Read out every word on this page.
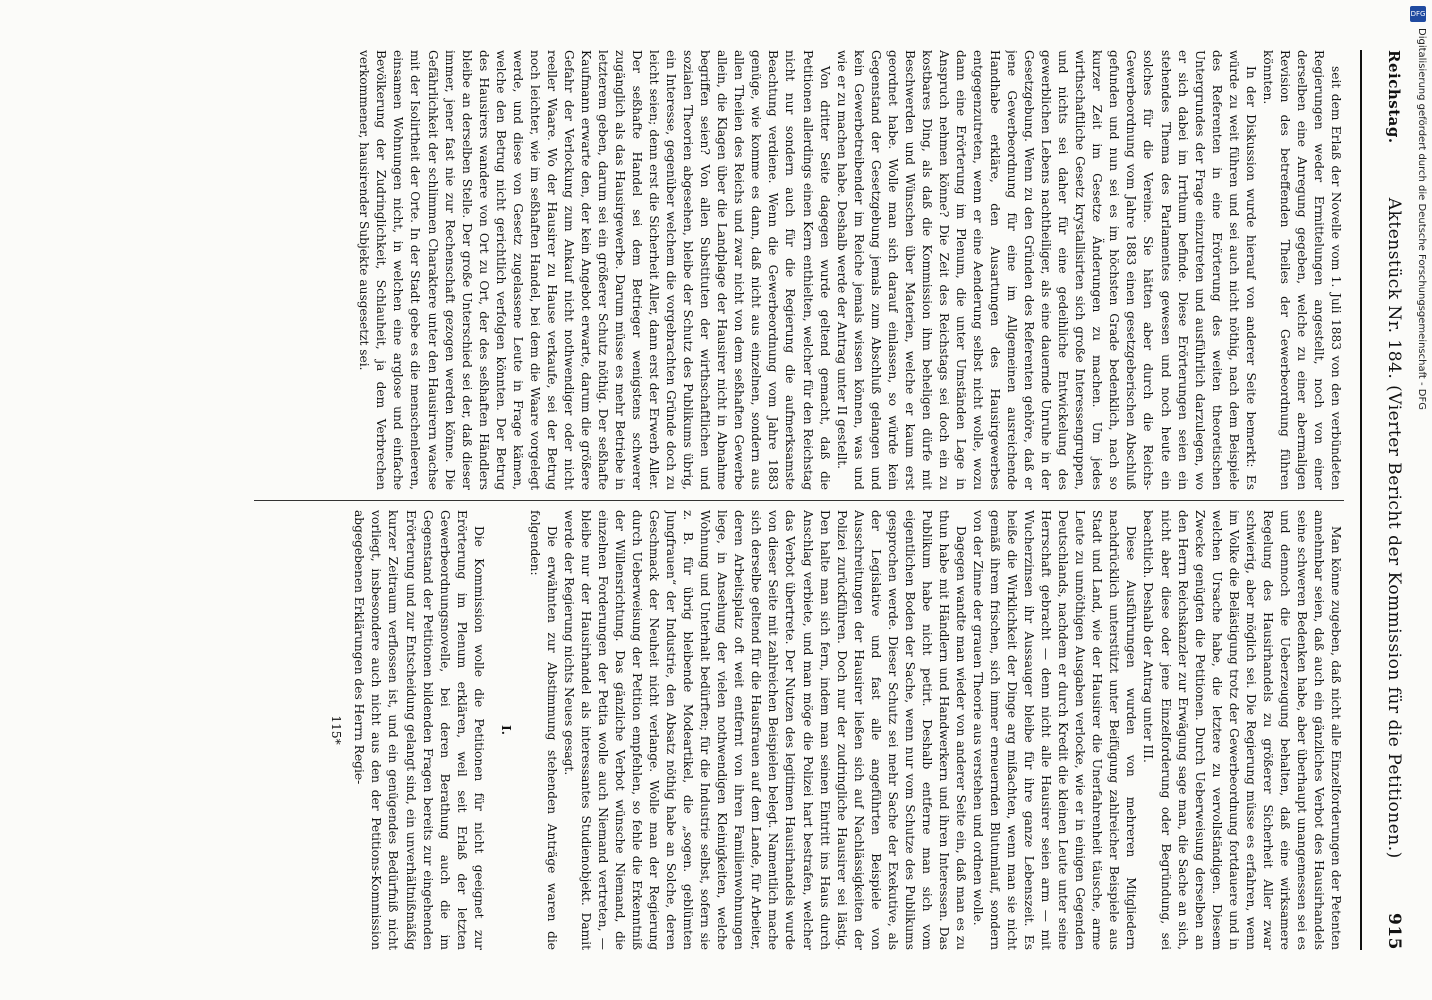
Reichstag.
Aktenstück Nr. 184. (Vierter Bericht der Kommission für die Petitionen.)
915

seit dem Erlaß der Novelle vom 1. Juli 1883 von den verbündeten Regierungen weder Ermittelungen angestellt, noch von einer derselben eine Anregung gegeben, welche zu einer abermaligen Revision des betreffenden Theiles der Gewerbeordnung führen könnten.

In der Diskussion wurde hierauf von anderer Seite bemerkt: Es würde zu weit führen und sei auch nicht nöthig, nach dem Beispiele des Referenten in eine Erörterung des weiten theoretischen Untergrundes der Frage einzutreten und ausführlich darzulegen, wo er sich dabei im Irrthum befinde. Diese Erörterungen seien ein stehendes Thema des Parlamentes gewesen und noch heute ein solches für die Vereine. Sie hätten aber durch die Reichs-Gewerbeordnung vom Jahre 1883 einen gesetzgeberischen Abschluß gefunden und nun sei es im höchsten Grade bedenklich, nach so kurzer Zeit im Gesetze Änderungen zu machen. Um jedes wirthschaftliche Gesetz krystallisirten sich große Interessengruppen, und nichts sei daher für eine gedeihliche Entwickelung des gewerblichen Lebens nachtheiliger, als eine dauernde Unruhe in der Gesetzgebung. Wenn zu den Gründen des Referenten gehöre, daß er jene Gewerbeordnung für eine im Allgemeinen ausreichende Handhabe erkläre, den Ausartungen des Hausirgewerbes entgegenzutreten, wenn er eine Aenderung selbst nicht wolle, wozu dann eine Erörterung im Plenum, die unter Umständen Lage in Anspruch nehmen könne? Die Zeit des Reichstags sei doch ein zu kostbares Ding, als daß die Kommission ihm beheligen dürfe mit Beschwerden und Wünschen über Materien, welche er kaum erst geordnet habe. Wolle man sich darauf einlassen, so würde kein Gegenstand der Gesetzgebung jemals zum Abschluß gelangen und kein Gewerbetreibender im Reiche jemals wissen können, was und wie er zu machen habe. Deshalb werde der Antrag unter II gestellt.

Von dritter Seite dagegen wurde geltend gemacht, daß die Petitionen allerdings einen Kern enthielten, welcher für den Reichstag nicht nur sondern auch für die Regierung die aufmerksamste Beachtung verdiene. Wenn die Gewerbeordnung vom Jahre 1883 genüge, wie komme es dann, daß nicht aus einzelnen, sondern aus allen Theilen des Reichs und zwar nicht von dem seßhaften Gewerbe allein, die Klagen über die Landplage der Hausirer nicht in Abnahme begriffen seien? Von allen Substituten der wirthschaftlichen und sozialen Theorien abgesehen, bleibe der Schutz des Publikums übrig, ein Interesse, gegenüber welchem die vorgebrachten Gründe doch zu leicht seien; denn erst die Sicherheit Aller, dann erst der Erwerb Aller. Der seßhafte Handel sei dem Betrieger wenigstens schwerer zugänglich als das Hausirgewerbe. Darum müsse es mehr Betriebe in letzterem geben, darum sei ein größerer Schutz nöthig. Der seßhafte Kaufmann erwarte den, der kein Angebot erwarte, darum die größere Gefahr der Verlockung zum Ankauf nicht nothwendiger oder nicht reeller Waare. Wo der Hausirer zu Hause verkaufe, sei der Betrug noch leichter, wie im seßhaften Handel, bei dem die Waare vorgelegt werde, und diese von Gesetz zugelassene Leute in Frage kämen, welche den Betrug nicht gerichtlich verfolgen könnten. Der Betrug des Hausirers wandere von Ort zu Ort, der des seßhaften Händlers bleibe an derselben Stelle. Der große Unterschied sei der, daß dieser immer, jener fast nie zur Rechenschaft gezogen werden könne. Die Gefährlichkeit der schlimmen Charaktere unter den Hausirern wachse mit der Isolirtheit der Orte. In der Stadt gebe es die menschenleeren, einsamen Wohnungen nicht, in welchen eine arglose und einfache Bevölkerung der Zudringlichkeit, Schlauheit, ja dem Verbrechen verkommener, hausirender Subjekte ausgesetzt sei.

Man könne zugeben, daß nicht alle Einzelforderungen der Petenten annehmbar seien, daß auch ein gänzliches Verbot des Hausirhandels seine schweren Bedenken habe, aber überhaupt unangemessen sei es und dennoch die Ueberzeugung behalten, daß eine wirksamere Regelung des Hausirhandels zu größerer Sicherheit Aller zwar schwierig, aber möglich sei. Die Regierung müsse es erfahren, wenn im Volke die Belästigung trotz der Gewerbeordnung fortdauere und in welchen Ursache habe, die letztere zu vervollständigen. Diesem Zwecke genügten die Petitionen. Durch Ueberweisung derselben an den Herrn Reichskanzler zur Erwägung sage man, die Sache an sich, nicht aber diese oder jene Einzelforderung oder Begründung, sei beachtlich. Deshalb der Antrag unter III.

Diese Ausführungen wurden von mehreren Mitgliedern nachdrücklich unterstützt unter Beifügung zahlreicher Beispiele aus Stadt und Land, wie der Hausirer die Unerfahrenheit täusche, arme Leute zu unnöthigen Ausgaben verlocke, wie er in einigen Gegenden Deutschlands, nachdem er durch Kredit die kleinen Leute unter seine Herrschaft gebracht — denn nicht alle Hausirer seien arm — mit Wucherzinsen ihr Aussauger bleibe für ihre ganze Lebenszeit. Es heiße die Wirklichkeit der Dinge arg mißachten, wenn man sie nicht gemäß ihrem frischen, sich immer erneuernden Blutumlauf, sondern von der Zinne der grauen Theorie aus verstehen und ordnen wolle.

Dagegen wandte man wieder von anderer Seite ein, daß man es zu thun habe mit Händlern und Handwerkern und ihren Interessen. Das Publikum habe nicht petirt. Deshalb entferne man sich vom eigentlichen Boden der Sache, wenn nur vom Schutze des Publikums gesprochen werde. Dieser Schutz sei mehr Sache der Exekutive, als der Legislative und fast alle angeführten Beispiele von Ausschreitungen der Hausirer ließen sich auf Nachlässigkeiten der Polizei zurückführen. Doch nur der zudringliche Hausirer sei lästig. Den halte man sich fern, indem man seinen Eintritt ins Haus durch Anschlag verbiete, und man möge die Polizei hart bestrafen, welcher das Verbot übertrete. Der Nutzen des legitimen Hausirhandels wurde von dieser Seite mit zahlreichen Beispielen belegt. Namentlich mache sich derselbe geltend für die Hausfrauen auf dem Lande, für Arbeiter, deren Arbeitsplatz oft weit entfernt von ihren Familienwohnungen liege, in Ansehung der vielen nothwendigen Kleinigkeiten, welche Wohnung und Unterhalt bedürften; für die Industrie selbst, sofern sie z. B. für übrig bleibende Modeartikel, die „sogen. geblümten Jungfrauen“ der Industrie, den Absatz nöthig habe an Solche, deren Geschmack der Neuheit nicht verlange. Wolle man der Regierung durch Ueberweisung der Petition empfehlen, so fehle die Erkenntniß der Willensrichtung. Das gänzliche Verbot wünsche Niemand, die einzelnen Forderungen der Petita wolle auch Niemand vertreten, — bleibe nur der Hausirhandel als interessantes Studienobjekt. Damit werde der Regierung nichts Neues gesagt.

Die erwähnten zur Abstimmung stehenden Anträge waren die folgenden:

I.

Die Kommission wolle die Petitionen für nicht geeignet zur Erörterung im Plenum erklären, weil seit Erlaß der letzten Gewerbeordnungsnovelle, bei deren Berathung auch die im Gegenstand der Petitionen bildenden Fragen bereits zur eingehenden Erörterung und zur Entscheidung gelangt sind, ein unverhältnißmäßig kurzer Zeitraum verflossen ist, und ein genügendes Bedürfniß nicht vorliegt, insbesondere auch nicht aus den der Petitions-Kommission abgegebenen Erklärungen des Herrn Regie-

115*

DFG
Digitalisierung gefördert durch die Deutsche Forschungsgemeinschaft - DFG
